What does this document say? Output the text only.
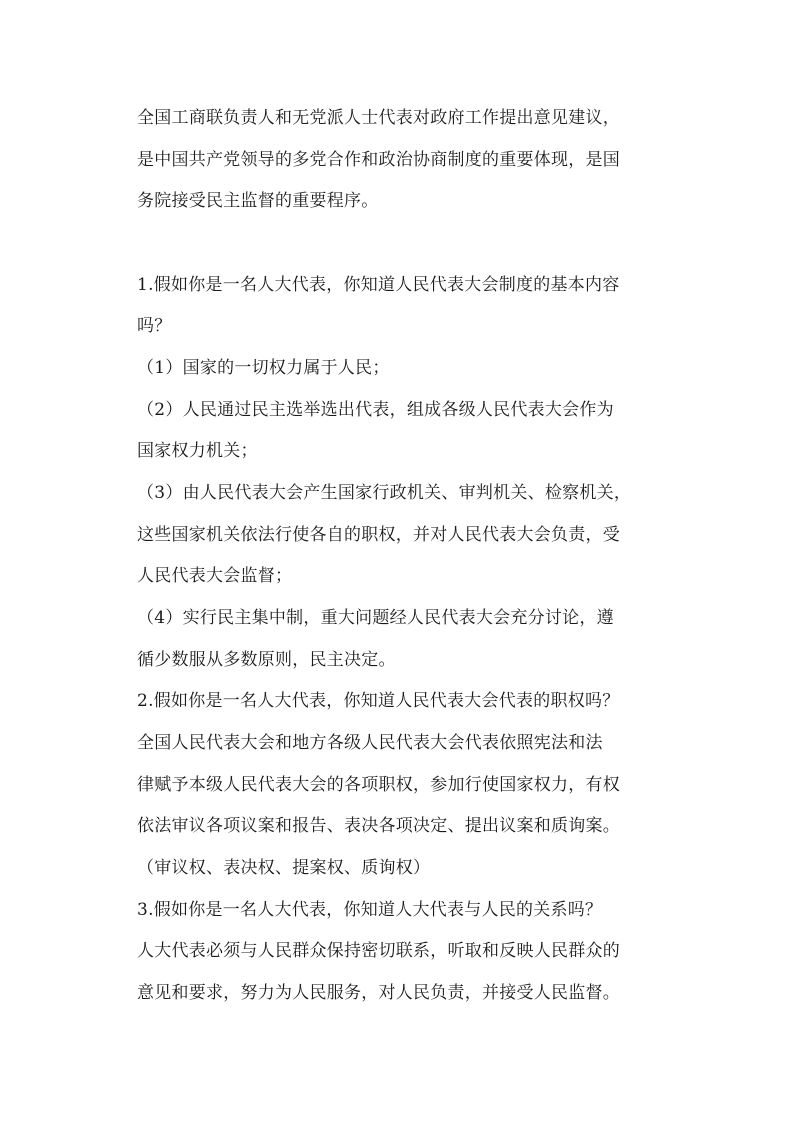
全国工商联负责人和无党派人士代表对政府工作提出意见建议，
是中国共产党领导的多党合作和政治协商制度的重要体现，是国
务院接受民主监督的重要程序。
1.假如你是一名人大代表，你知道人民代表大会制度的基本内容
吗？
（1）国家的一切权力属于人民；
（2）人民通过民主选举选出代表，组成各级人民代表大会作为
国家权力机关；
（3）由人民代表大会产生国家行政机关、审判机关、检察机关，
这些国家机关依法行使各自的职权，并对人民代表大会负责，受
人民代表大会监督；
（4）实行民主集中制，重大问题经人民代表大会充分讨论，遵
循少数服从多数原则，民主决定。
2.假如你是一名人大代表，你知道人民代表大会代表的职权吗？
全国人民代表大会和地方各级人民代表大会代表依照宪法和法
律赋予本级人民代表大会的各项职权，参加行使国家权力，有权
依法审议各项议案和报告、表决各项决定、提出议案和质询案。
（审议权、表决权、提案权、质询权）
3.假如你是一名人大代表，你知道人大代表与人民的关系吗？
人大代表必须与人民群众保持密切联系，听取和反映人民群众的
意见和要求，努力为人民服务，对人民负责，并接受人民监督。
